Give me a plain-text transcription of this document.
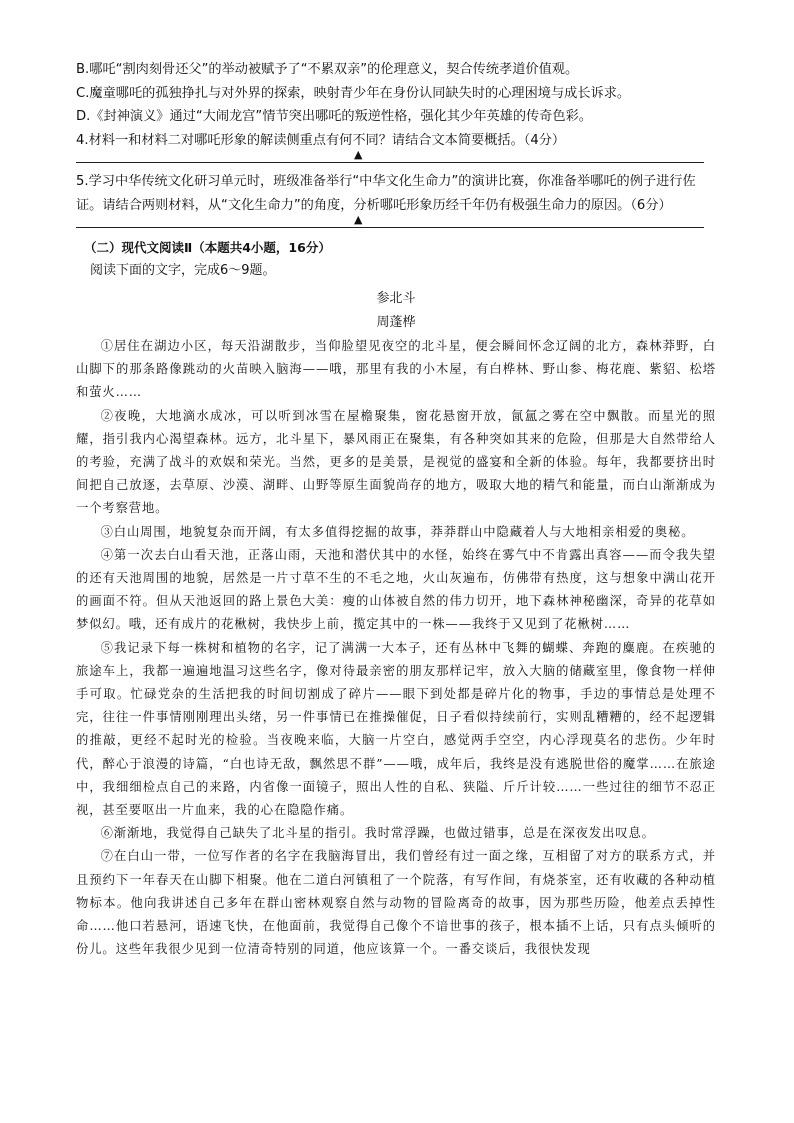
B.哪吒“割肉刻骨还父”的举动被赋予了“不累双亲”的伦理意义，契合传统孝道价值观。

C.魔童哪吒的孤独挣扎与对外界的探索，映射青少年在身份认同缺失时的心理困境与成长诉求。

D.《封神演义》通过“大闹龙宫”情节突出哪吒的叛逆性格，强化其少年英雄的传奇色彩。

4.材料一和材料二对哪吒形象的解读侧重点有何不同？请结合文本简要概括。（4分）

▲

5.学习中华传统文化研习单元时，班级准备举行“中华文化生命力”的演讲比赛，你准备举哪吒的例子进行佐证。请结合两则材料，从“文化生命力”的角度，分析哪吒形象历经千年仍有极强生命力的原因。（6分）

▲
（二）现代文阅读Ⅱ（本题共4小题，16分）
阅读下面的文字，完成6～9题。
参北斗
周蓬桦

①居住在湖边小区，每天沿湖散步，当仰脸望见夜空的北斗星，便会瞬间怀念辽阔的北方，森林莽野，白山脚下的那条路像跳动的火苗映入脑海——哦，那里有我的小木屋，有白桦林、野山参、梅花鹿、紫貂、松塔和萤火……

②夜晚，大地滴水成冰，可以听到冰雪在屋檐聚集，窗花悬窗开放，氤氲之雾在空中飘散。而星光的照耀，指引我内心渴望森林。远方，北斗星下，暴风雨正在聚集，有各种突如其来的危险，但那是大自然带给人的考验，充满了战斗的欢娱和荣光。当然，更多的是美景，是视觉的盛宴和全新的体验。每年，我都要挤出时间把自己放逐，去草原、沙漠、湖畔、山野等原生面貌尚存的地方，吸取大地的精气和能量，而白山渐渐成为一个考察营地。

③白山周围，地貌复杂而开阔，有太多值得挖掘的故事，莽莽群山中隐藏着人与大地相亲相爱的奥秘。

④第一次去白山看天池，正落山雨，天池和潜伏其中的水怪，始终在雾气中不肯露出真容——而令我失望的还有天池周围的地貌，居然是一片寸草不生的不毛之地，火山灰遍布，仿佛带有热度，这与想象中满山花开的画面不符。但从天池返回的路上景色大美：瘦的山体被自然的伟力切开，地下森林神秘幽深，奇异的花草如梦似幻。哦，还有成片的花楸树，我快步上前，揽定其中的一株——我终于又见到了花楸树……

⑤我记录下每一株树和植物的名字，记了满满一大本子，还有丛林中飞舞的蝴蝶、奔跑的麋鹿。在疾驰的旅途车上，我都一遍遍地温习这些名字，像对待最亲密的朋友那样记牢，放入大脑的储藏室里，像食物一样伸手可取。忙碌党杂的生活把我的时间切割成了碎片——眼下到处都是碎片化的物事，手边的事情总是处理不完，往往一件事情刚刚理出头绪，另一件事情已在推操催促，日子看似持续前行，实则乱糟糟的，经不起逻辑的推敲，更经不起时光的检验。当夜晚来临，大脑一片空白，感觉两手空空，内心浮现莫名的悲伤。少年时代，醉心于浪漫的诗篇，“白也诗无敌，飘然思不群”——哦，成年后，我终是没有逃脱世俗的魔掌……在旅途中，我细细检点自己的来路，内省像一面镜子，照出人性的自私、狭隘、斤斤计较……一些过往的细节不忍正视，甚至要呕出一片血来，我的心在隐隐作痛。

⑥渐渐地，我觉得自己缺失了北斗星的指引。我时常浮躁，也做过错事，总是在深夜发出叹息。

⑦在白山一带，一位写作者的名字在我脑海冒出，我们曾经有过一面之缘，互相留了对方的联系方式，并且预约下一年春天在山脚下相聚。他在二道白河镇租了一个院落，有写作间，有烧茶室，还有收藏的各种动植物标本。他向我讲述自己多年在群山密林观察自然与动物的冒险离奇的故事，因为那些历险，他差点丢掉性命……他口若悬河，语速飞快，在他面前，我觉得自己像个不谙世事的孩子，根本插不上话，只有点头倾听的份儿。这些年我很少见到一位清奇特别的同道，他应该算一个。一番交谈后，我很快发现
